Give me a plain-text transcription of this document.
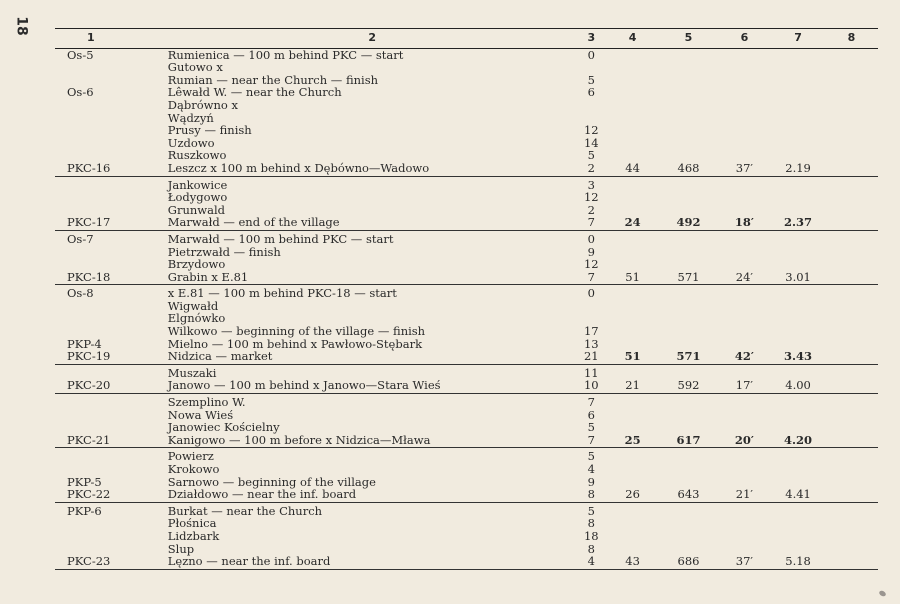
18
1	2	3	4	5	6	7	8
Os-5	Rumienica — 100 m behind PKC — start	0					
	Gutowo x						
	Rumian — near the Church — finish	5					
Os-6	Lêwałd W. — near the Church	6					
	Dąbrówno x						
	Wądzyń						
	Prusy — finish	12					
	Uzdowo	14					
	Ruszkowo	5					
PKC-16	Leszcz x 100 m behind x Dębówno—Wadowo	2	44	468	37′	2.19	
	Jankowice	3					
	Łodygowo	12					
	Grunwald	2					
PKC-17	Marwałd — end of the village	7	24	492	18′	2.37	
Os-7	Marwałd — 100 m behind PKC — start	0					
	Pietrzwałd — finish	9					
	Brzydowo	12					
PKC-18	Grabin x E.81	7	51	571	24′	3.01	
Os-8	x E.81 — 100 m behind PKC-18 — start	0					
	Wigwałd						
	Elgnówko						
	Wilkowo — beginning of the village — finish	17					
PKP-4	Mielno — 100 m behind x Pawłowo-Stębark	13					
PKC-19	Nidzica — market	21	51	571	42′	3.43	
	Muszaki	11					
PKC-20	Janowo — 100 m behind x Janowo—Stara Wieś	10	21	592	17′	4.00	
	Szemplino W.	7					
	Nowa Wieś	6					
	Janowiec Kościelny	5					
PKC-21	Kanigowo — 100 m before x Nidzica—Mława	7	25	617	20′	4.20	
	Powierz	5					
	Krokowo	4					
PKP-5	Sarnowo — beginning of the village	9					
PKC-22	Działdowo — near the inf. board	8	26	643	21′	4.41	
PKP-6	Burkat — near the Church	5					
	Płośnica	8					
	Lidzbark	18					
	Slup	8					
PKC-23	Lęzno — near the inf. board	4	43	686	37′	5.18	
